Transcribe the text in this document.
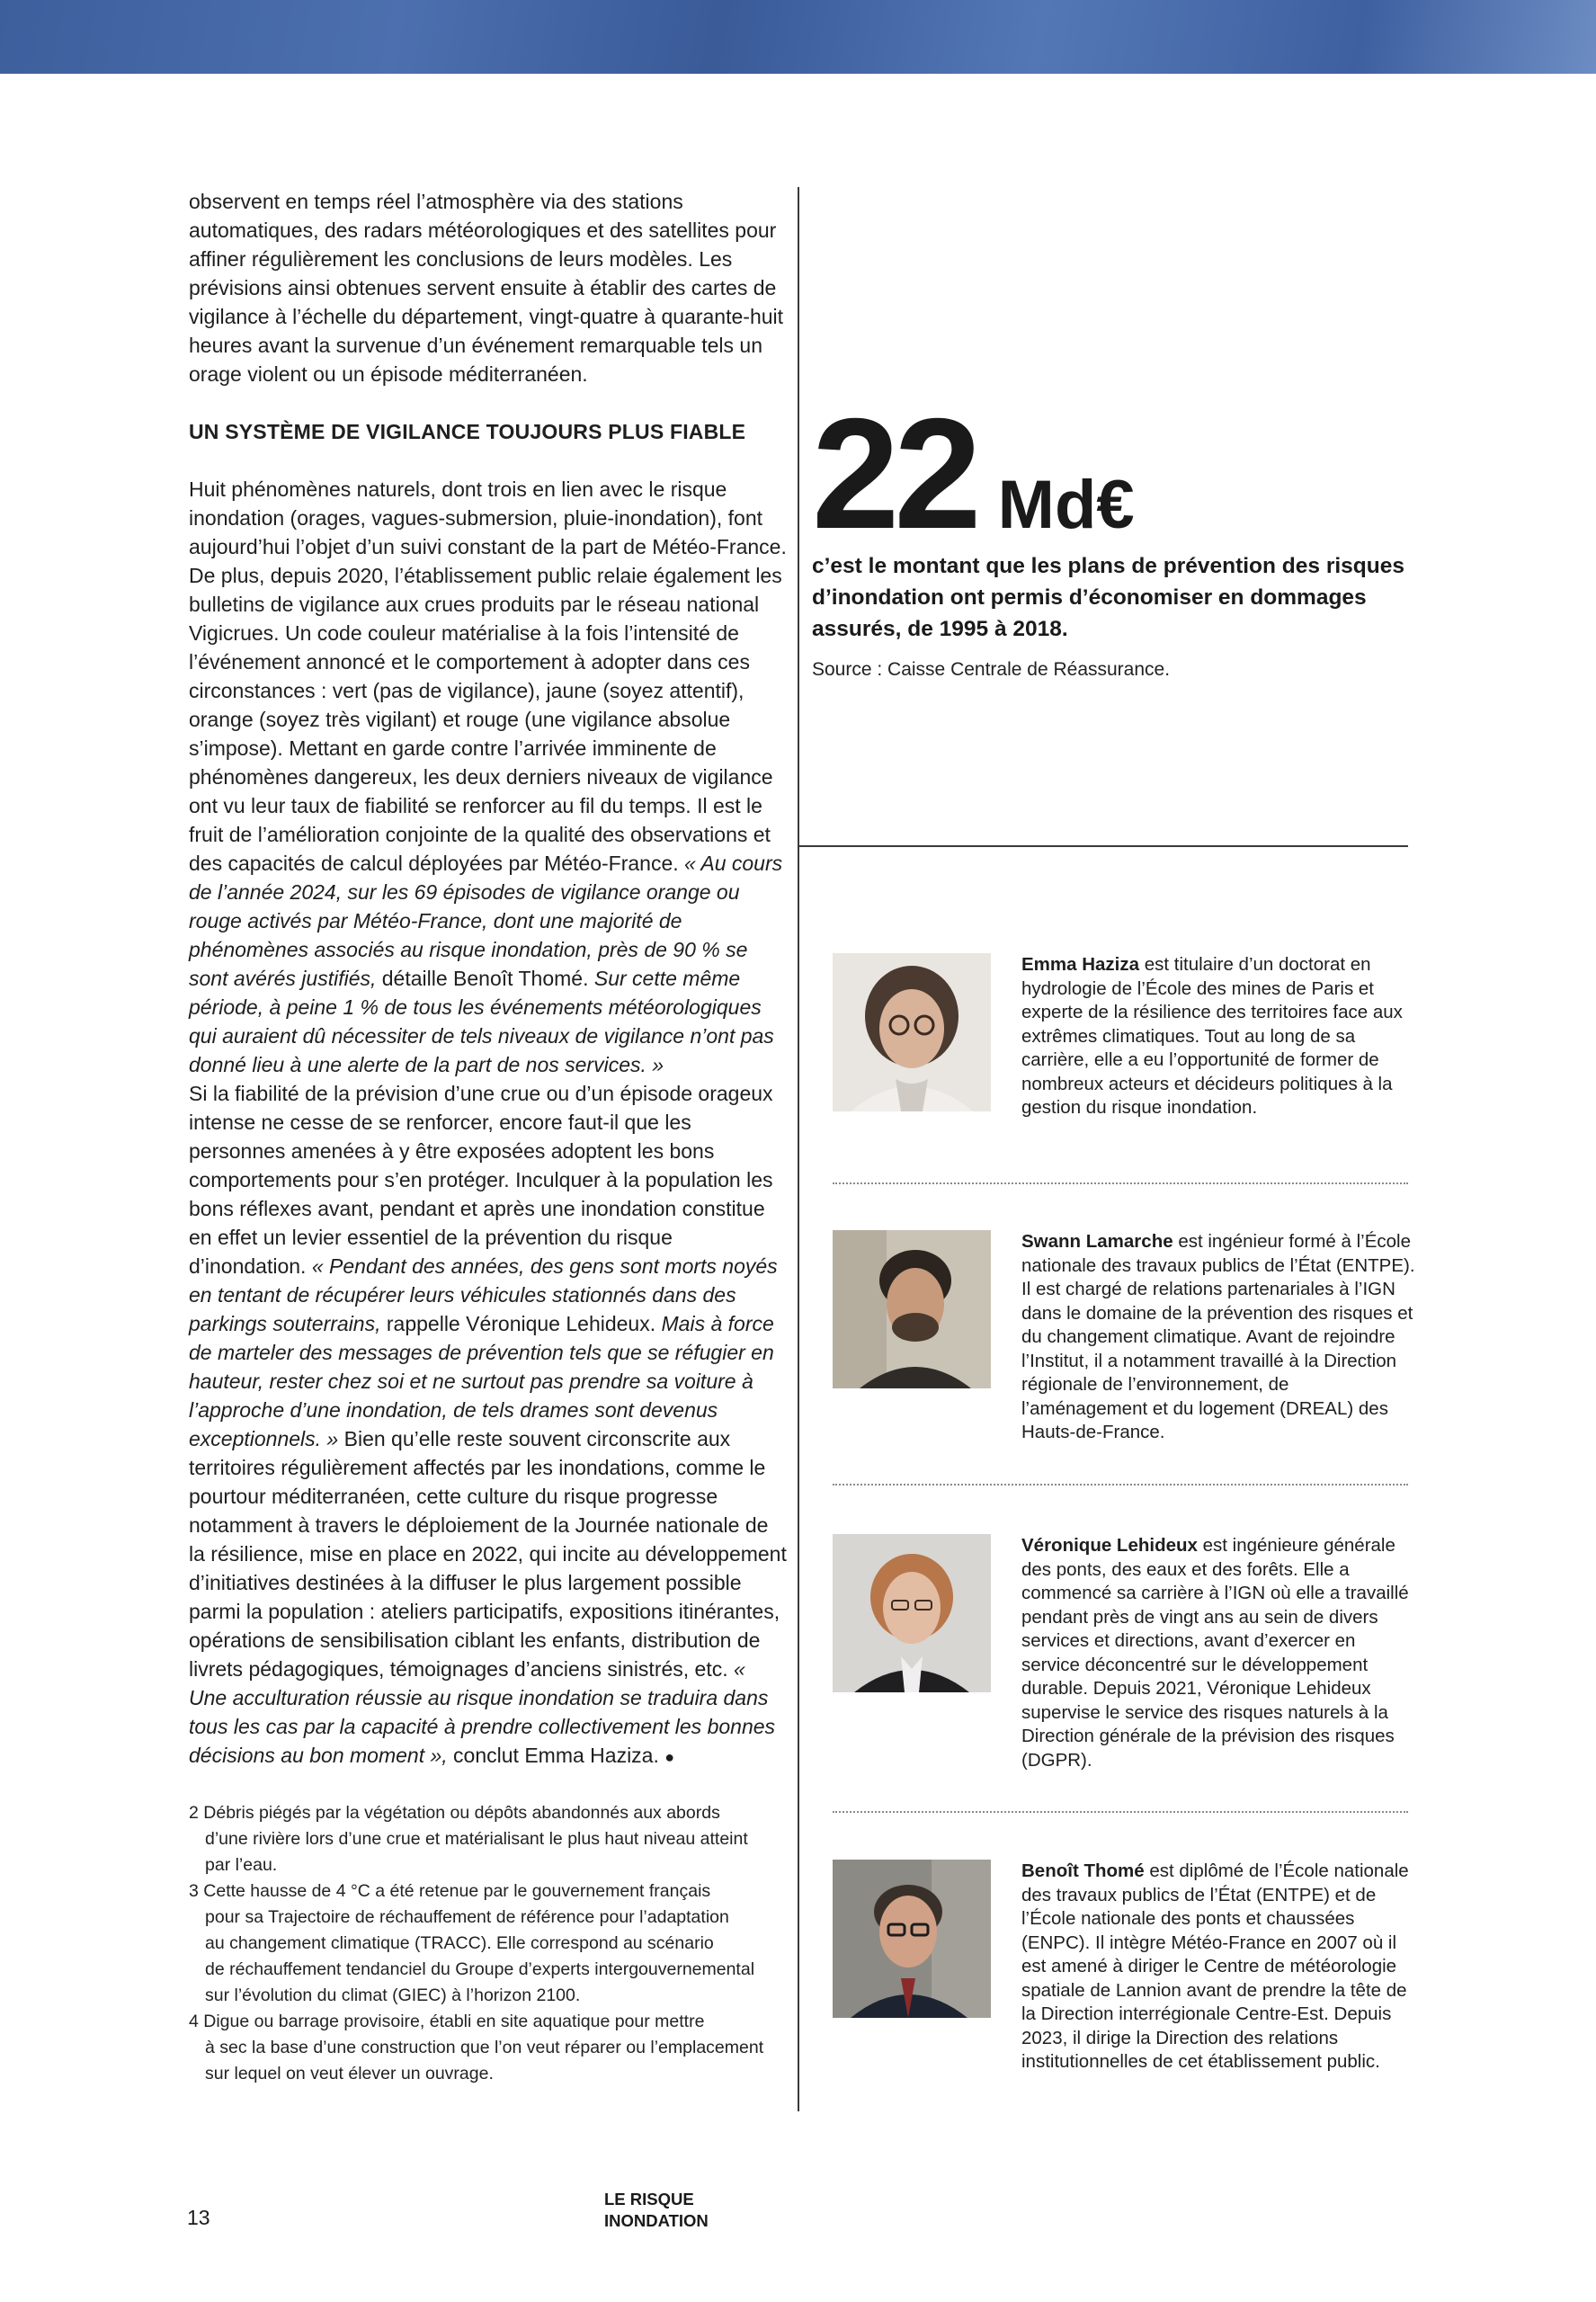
observent en temps réel l’atmosphère via des stations automatiques, des radars météorologiques et des satellites pour affiner régulièrement les conclusions de leurs modèles. Les prévisions ainsi obtenues servent ensuite à établir des cartes de vigilance à l’échelle du département, vingt-quatre à quarante-huit heures avant la survenue d’un événement remarquable tels un orage violent ou un épisode méditerranéen.

UN SYSTÈME DE VIGILANCE TOUJOURS PLUS FIABLE

Huit phénomènes naturels, dont trois en lien avec le risque inondation (orages, vagues-submersion, pluie-inondation), font aujourd’hui l’objet d’un suivi constant de la part de Météo-France. De plus, depuis 2020, l’établissement public relaie également les bulletins de vigilance aux crues produits par le réseau national Vigicrues. Un code couleur matérialise à la fois l’intensité de l’événement annoncé et le comportement à adopter dans ces circonstances : vert (pas de vigilance), jaune (soyez attentif), orange (soyez très vigilant) et rouge (une vigilance absolue s’impose). Mettant en garde contre l’arrivée imminente de phénomènes dangereux, les deux derniers niveaux de vigilance ont vu leur taux de fiabilité se renforcer au fil du temps. Il est le fruit de l’amélioration conjointe de la qualité des observations et des capacités de calcul déployées par Météo-France. « Au cours de l’année 2024, sur les 69 épisodes de vigilance orange ou rouge activés par Météo-France, dont une majorité de phénomènes associés au risque inondation, près de 90 % se sont avérés justifiés, détaille Benoît Thomé. Sur cette même période, à peine 1 % de tous les événements météorologiques qui auraient dû nécessiter de tels niveaux de vigilance n’ont pas donné lieu à une alerte de la part de nos services. »

Si la fiabilité de la prévision d’une crue ou d’un épisode orageux intense ne cesse de se renforcer, encore faut-il que les personnes amenées à y être exposées adoptent les bons comportements pour s’en protéger. Inculquer à la population les bons réflexes avant, pendant et après une inondation constitue en effet un levier essentiel de la prévention du risque d’inondation. « Pendant des années, des gens sont morts noyés en tentant de récupérer leurs véhicules stationnés dans des parkings souterrains, rappelle Véronique Lehideux. Mais à force de marteler des messages de prévention tels que se réfugier en hauteur, rester chez soi et ne surtout pas prendre sa voiture à l’approche d’une inondation, de tels drames sont devenus exceptionnels. » Bien qu’elle reste souvent circonscrite aux territoires régulièrement affectés par les inondations, comme le pourtour méditerranéen, cette culture du risque progresse notamment à travers le déploiement de la Journée nationale de la résilience, mise en place en 2022, qui incite au développement d’initiatives destinées à la diffuser le plus largement possible parmi la population : ateliers participatifs, expositions itinérantes, opérations de sensibilisation ciblant les enfants, distribution de livrets pédagogiques, témoignages d’anciens sinistrés, etc. « Une acculturation réussie au risque inondation se traduira dans tous les cas par la capacité à prendre collectivement les bonnes décisions au bon moment », conclut Emma Haziza. ●

2 Débris piégés par la végétation ou dépôts abandonnés aux abords

d’une rivière lors d’une crue et matérialisant le plus haut niveau atteint

par l’eau.

3 Cette hausse de 4 °C a été retenue par le gouvernement français

pour sa Trajectoire de réchauffement de référence pour l’adaptation

au changement climatique (TRACC). Elle correspond au scénario

de réchauffement tendanciel du Groupe d’experts intergouvernemental

sur l’évolution du climat (GIEC) à l’horizon 2100.

4 Digue ou barrage provisoire, établi en site aquatique pour mettre

à sec la base d’une construction que l’on veut réparer ou l’emplacement

sur lequel on veut élever un ouvrage.

22 Md€

c’est le montant que les plans de prévention des risques d’inondation ont permis d’économiser en dommages assurés, de 1995 à 2018.

Source : Caisse Centrale de Réassurance.

Emma Haziza est titulaire d’un doctorat en hydrologie de l’École des mines de Paris et experte de la résilience des territoires face aux extrêmes climatiques. Tout au long de sa carrière, elle a eu l’opportunité de former de nombreux acteurs et décideurs politiques à la gestion du risque inondation.
Swann Lamarche est ingénieur formé à l’École nationale des travaux publics de l’État (ENTPE). Il est chargé de relations partenariales à l’IGN dans le domaine de la prévention des risques et du changement climatique. Avant de rejoindre l’Institut, il a notamment travaillé à la Direction régionale de l’environnement, de l’aménagement et du logement (DREAL) des Hauts-de-France.
Véronique Lehideux est ingénieure générale des ponts, des eaux et des forêts. Elle a commencé sa carrière à l’IGN où elle a travaillé pendant près de vingt ans au sein de divers services et directions, avant d’exercer en service déconcentré sur le développement durable. Depuis 2021, Véronique Lehideux supervise le service des risques naturels à la Direction générale de la prévision des risques (DGPR).
Benoît Thomé est diplômé de l’École nationale des travaux publics de l’État (ENTPE) et de l’École nationale des ponts et chaussées (ENPC). Il intègre Météo-France en 2007 où il est amené à diriger le Centre de météorologie spatiale de Lannion avant de prendre la tête de la Direction interrégionale Centre-Est. Depuis 2023, il dirige la Direction des relations institutionnelles de cet établissement public.
13
LE RISQUE
INONDATION
